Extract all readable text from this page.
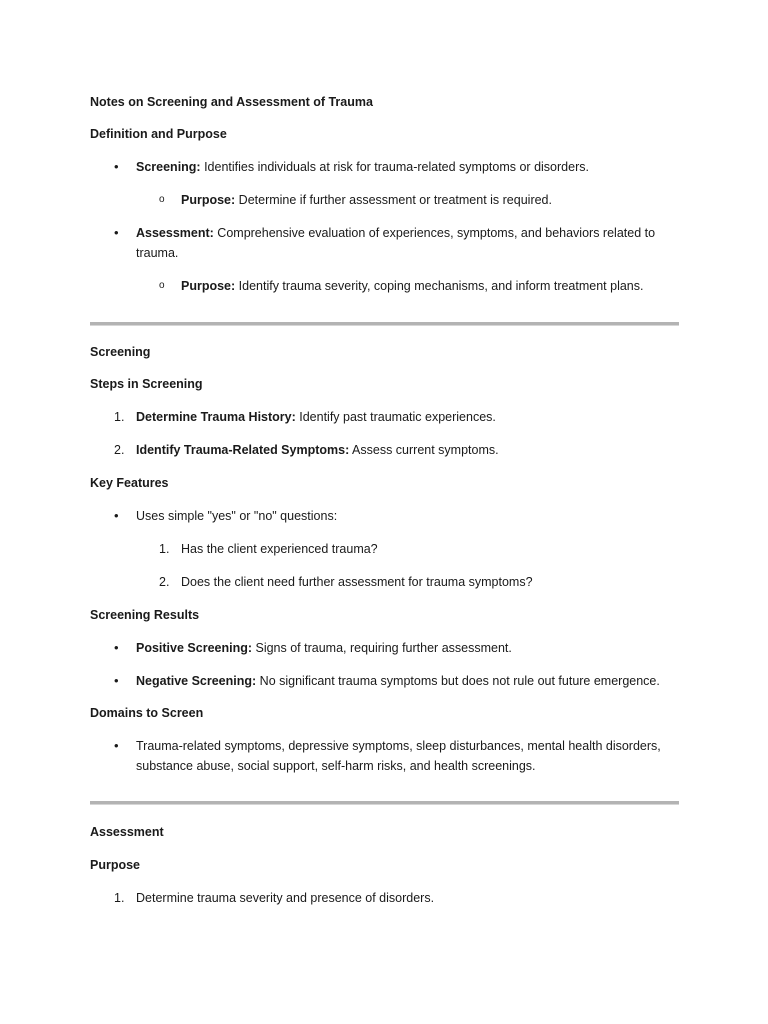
Notes on Screening and Assessment of Trauma
Definition and Purpose
•	Screening: Identifies individuals at risk for trauma-related symptoms or disorders.
o	Purpose: Determine if further assessment or treatment is required.
•	Assessment: Comprehensive evaluation of experiences, symptoms, and behaviors related to
trauma.
o	Purpose: Identify trauma severity, coping mechanisms, and inform treatment plans.
Screening
Steps in Screening
1. Determine Trauma History: Identify past traumatic experiences.
2. Identify Trauma-Related Symptoms: Assess current symptoms.
Key Features
•	Uses simple "yes" or "no" questions:
1. Has the client experienced trauma?
2. Does the client need further assessment for trauma symptoms?
Screening Results
•	Positive Screening: Signs of trauma, requiring further assessment.
•	Negative Screening: No significant trauma symptoms but does not rule out future emergence.
Domains to Screen
•	Trauma-related symptoms, depressive symptoms, sleep disturbances, mental health disorders,
substance abuse, social support, self-harm risks, and health screenings.
Assessment
Purpose
1. Determine trauma severity and presence of disorders.
